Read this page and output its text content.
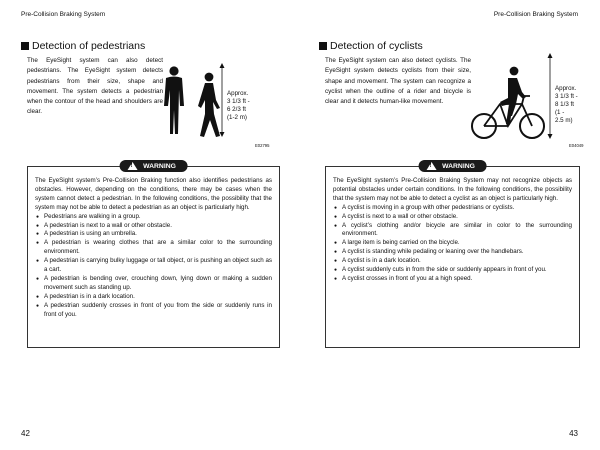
Pre-Collision Braking System
Detection of pedestrians

The EyeSight system can also detect pedestrians. The EyeSight system detects pedestrians from their size, shape and movement. The system detects a pedestrian when the contour of the head and shoulders are clear.

Approx.
3 1/3 ft -
6 2/3 ft
(1-2 m)
E02795
!
WARNING

The EyeSight system’s Pre-Collision Braking function also identifies pedestrians as obstacles. However, depending on the conditions, there may be cases when the system cannot detect a pedestrian. In the following conditions, the possibility that the system may not be able to detect a pedestrian as an object is particularly high.

● Pedestrians are walking in a group.
● A pedestrian is next to a wall or other obstacle.
● A pedestrian is using an umbrella.
● A pedestrian is wearing clothes that are a similar color to the surrounding environment.
● A pedestrian is carrying bulky luggage or tall object, or is pushing an object such as a cart.
● A pedestrian is bending over, crouching down, lying down or making a sudden movement such as standing up.
● A pedestrian is in a dark location.
● A pedestrian suddenly crosses in front of you from the side or suddenly runs in front of you.
42
Pre-Collision Braking System
Detection of cyclists

The EyeSight system can also detect cyclists. The EyeSight system detects cyclists from their size, shape and movement. The system can recognize a cyclist when the outline of a rider and bicycle is clear and it detects human-like movement.

Approx.
3 1/3 ft -
8 1/3 ft
(1 -
2.5 m)
E04049
!
WARNING

The EyeSight system’s Pre-Collision Braking System may not recognize objects as potential obstacles under certain conditions. In the following conditions, the possibility that the system may not be able to detect a cyclist as an object is particularly high.

● A cyclist is moving in a group with other pedestrians or cyclists.
● A cyclist is next to a wall or other obstacle.
● A cyclist’s clothing and/or bicycle are similar in color to the surrounding environment.
● A large item is being carried on the bicycle.
● A cyclist is standing while pedaling or leaning over the handlebars.
● A cyclist is in a dark location.
● A cyclist suddenly cuts in from the side or suddenly appears in front of you.
● A cyclist crosses in front of you at a high speed.
43
